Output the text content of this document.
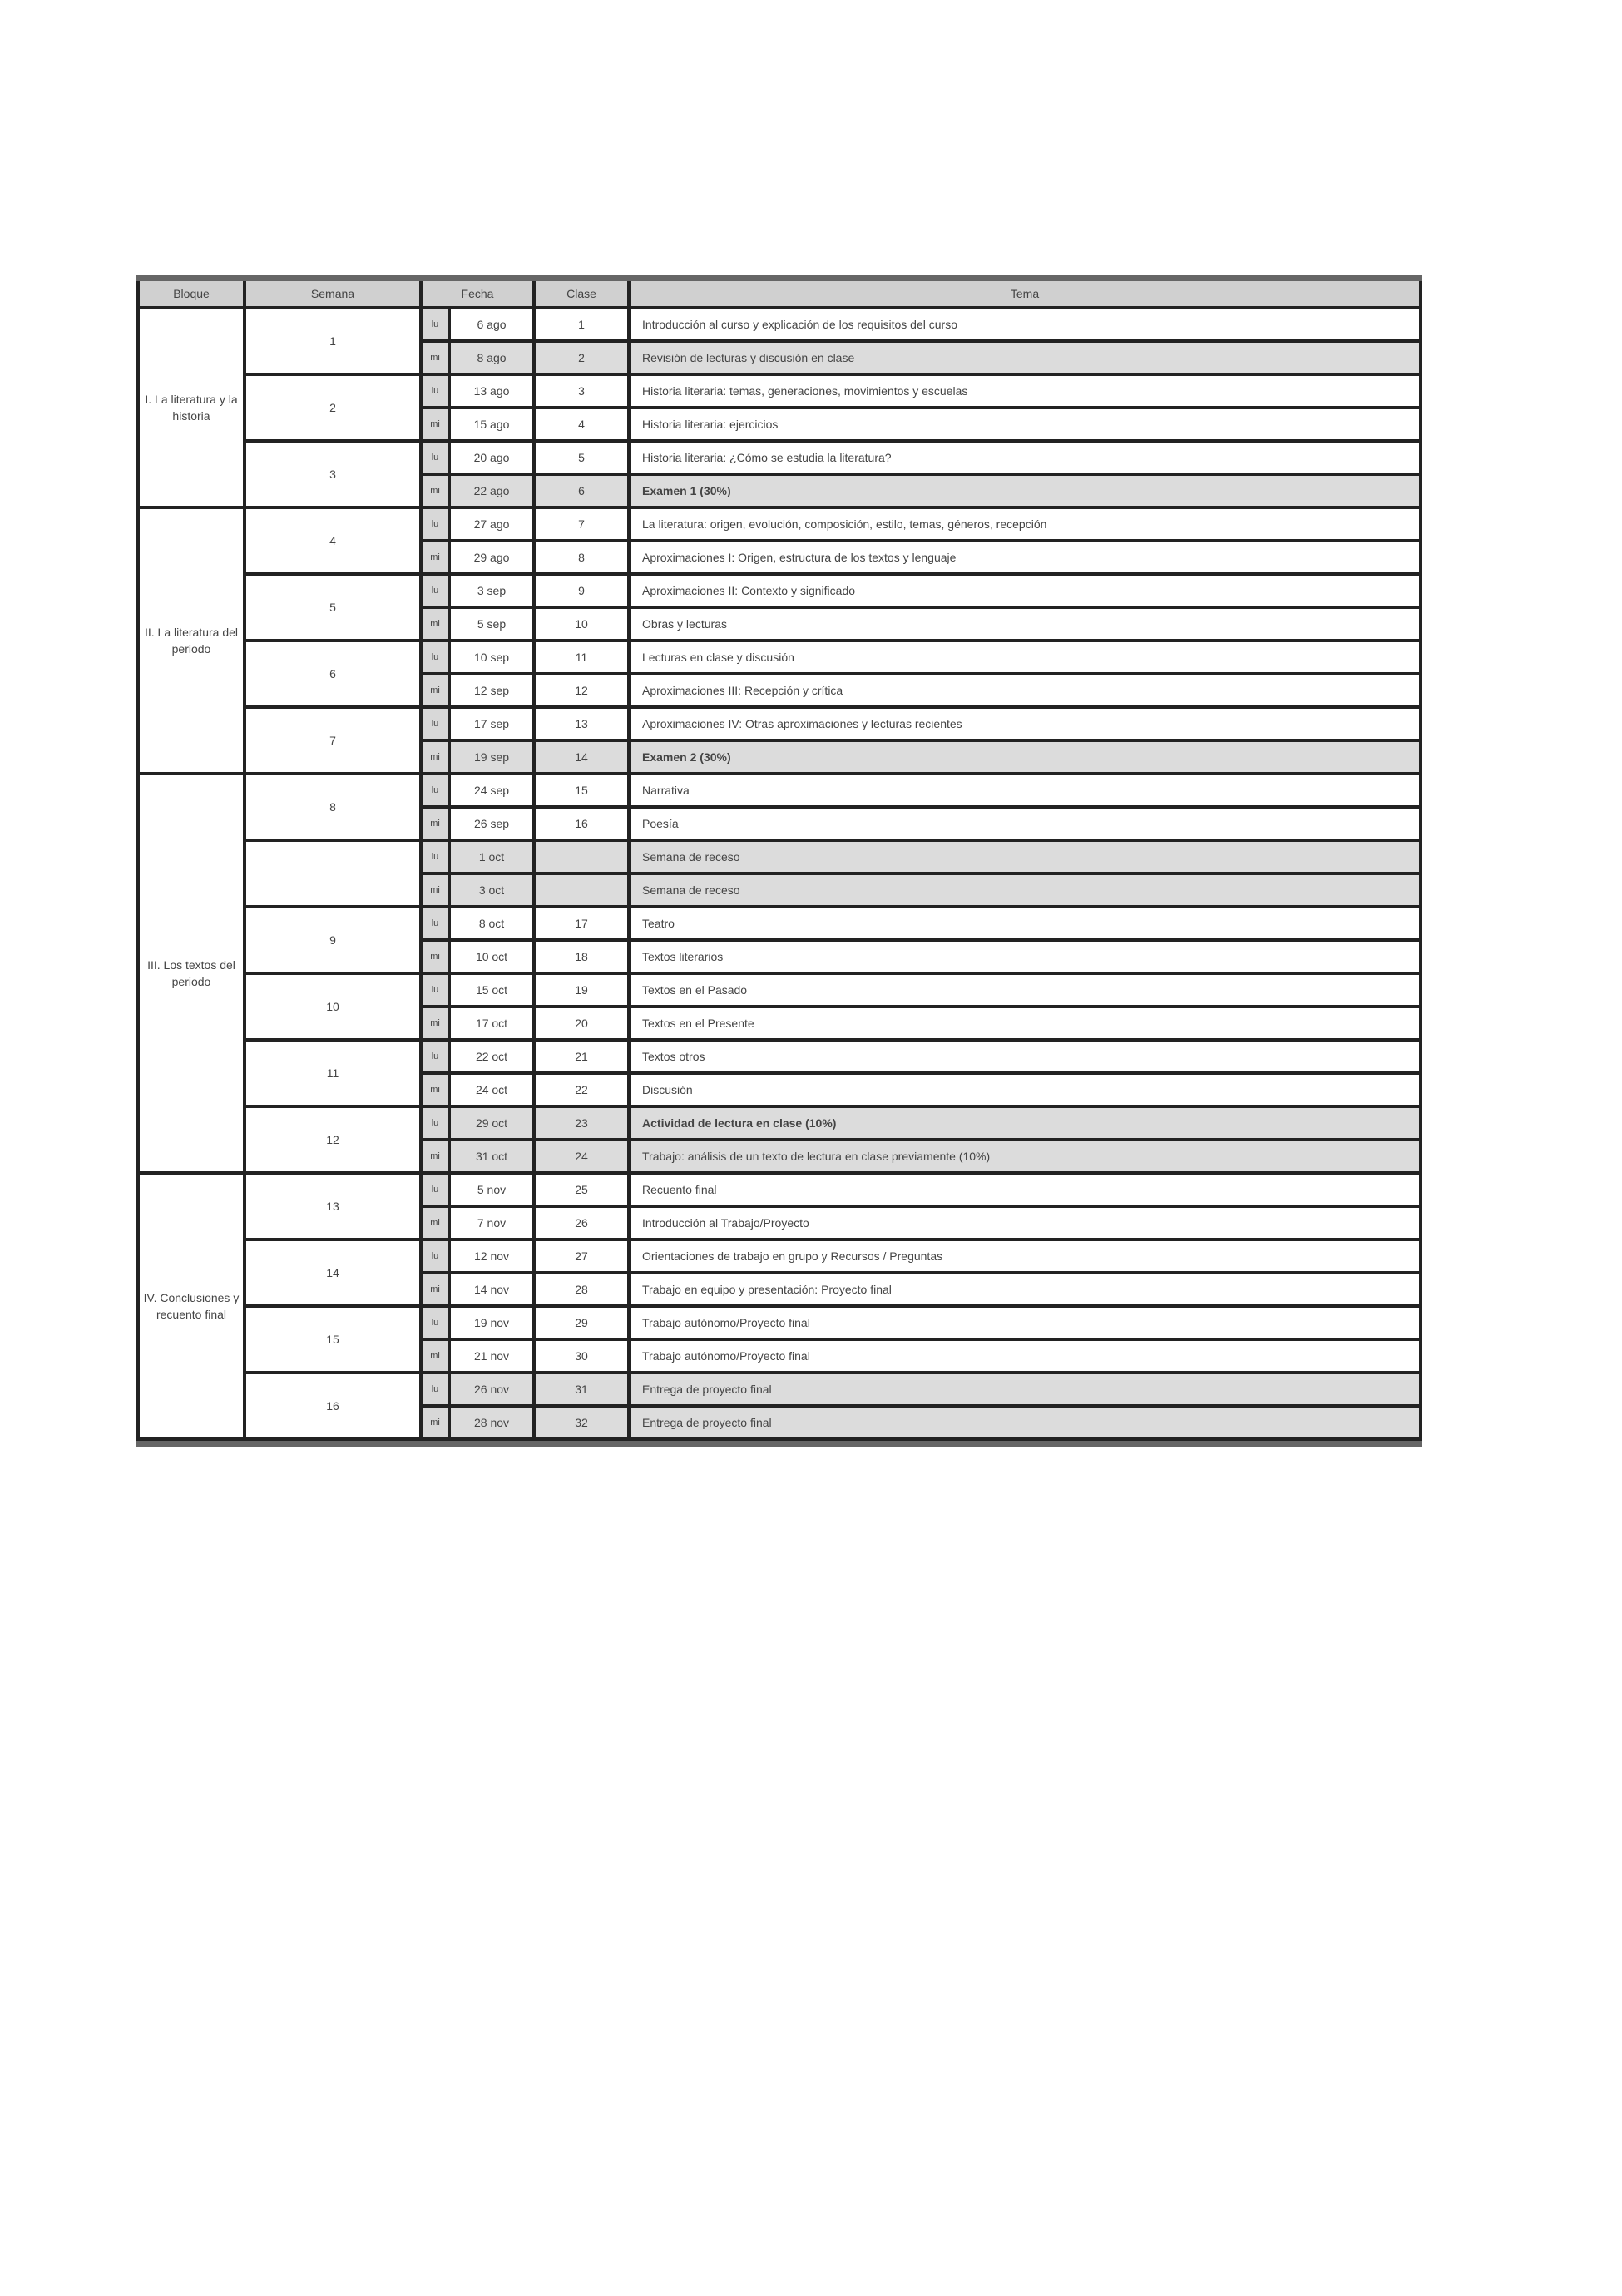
Bloque	Semana	Fecha		Clase	Tema
I. La literatura y la historia	1	lu	6 ago	1	Introducción al curso y explicación de los requisitos del curso
		mi	8 ago	2	Revisión de lecturas y discusión en clase
	2	lu	13 ago	3	Historia literaria: temas, generaciones, movimientos y escuelas
		mi	15 ago	4	Historia literaria: ejercicios
	3	lu	20 ago	5	Historia literaria: ¿Cómo se estudia la literatura?
		mi	22 ago	6	Examen 1 (30%)
II. La literatura del periodo	4	lu	27 ago	7	La literatura: origen, evolución, composición, estilo, temas, géneros, recepción
		mi	29 ago	8	Aproximaciones I: Origen, estructura de los textos y lenguaje
	5	lu	3 sep	9	Aproximaciones II: Contexto y significado
		mi	5 sep	10	Obras y lecturas
	6	lu	10 sep	11	Lecturas en clase y discusión
		mi	12 sep	12	Aproximaciones III: Recepción y crítica
	7	lu	17 sep	13	Aproximaciones IV: Otras aproximaciones y lecturas recientes
		mi	19 sep	14	Examen 2 (30%)
III. Los textos del periodo	8	lu	24 sep	15	Narrativa
		mi	26 sep	16	Poesía
		lu	1 oct		Semana de receso
		mi	3 oct		Semana de receso
	9	lu	8 oct	17	Teatro
		mi	10 oct	18	Textos literarios
	10	lu	15 oct	19	Textos en el Pasado
		mi	17 oct	20	Textos en el Presente
	11	lu	22 oct	21	Textos otros
		mi	24 oct	22	Discusión
	12	lu	29 oct	23	Actividad de lectura en clase (10%)
		mi	31 oct	24	Trabajo: análisis de un texto de lectura en clase previamente (10%)
IV. Conclusiones y recuento final	13	lu	5 nov	25	Recuento final
		mi	7 nov	26	Introducción al Trabajo/Proyecto
	14	lu	12 nov	27	Orientaciones de trabajo en grupo y Recursos / Preguntas
		mi	14 nov	28	Trabajo en equipo y presentación: Proyecto final
	15	lu	19 nov	29	Trabajo autónomo/Proyecto final
		mi	21 nov	30	Trabajo autónomo/Proyecto final
	16	lu	26 nov	31	Entrega de proyecto final
		mi	28 nov	32	Entrega de proyecto final
